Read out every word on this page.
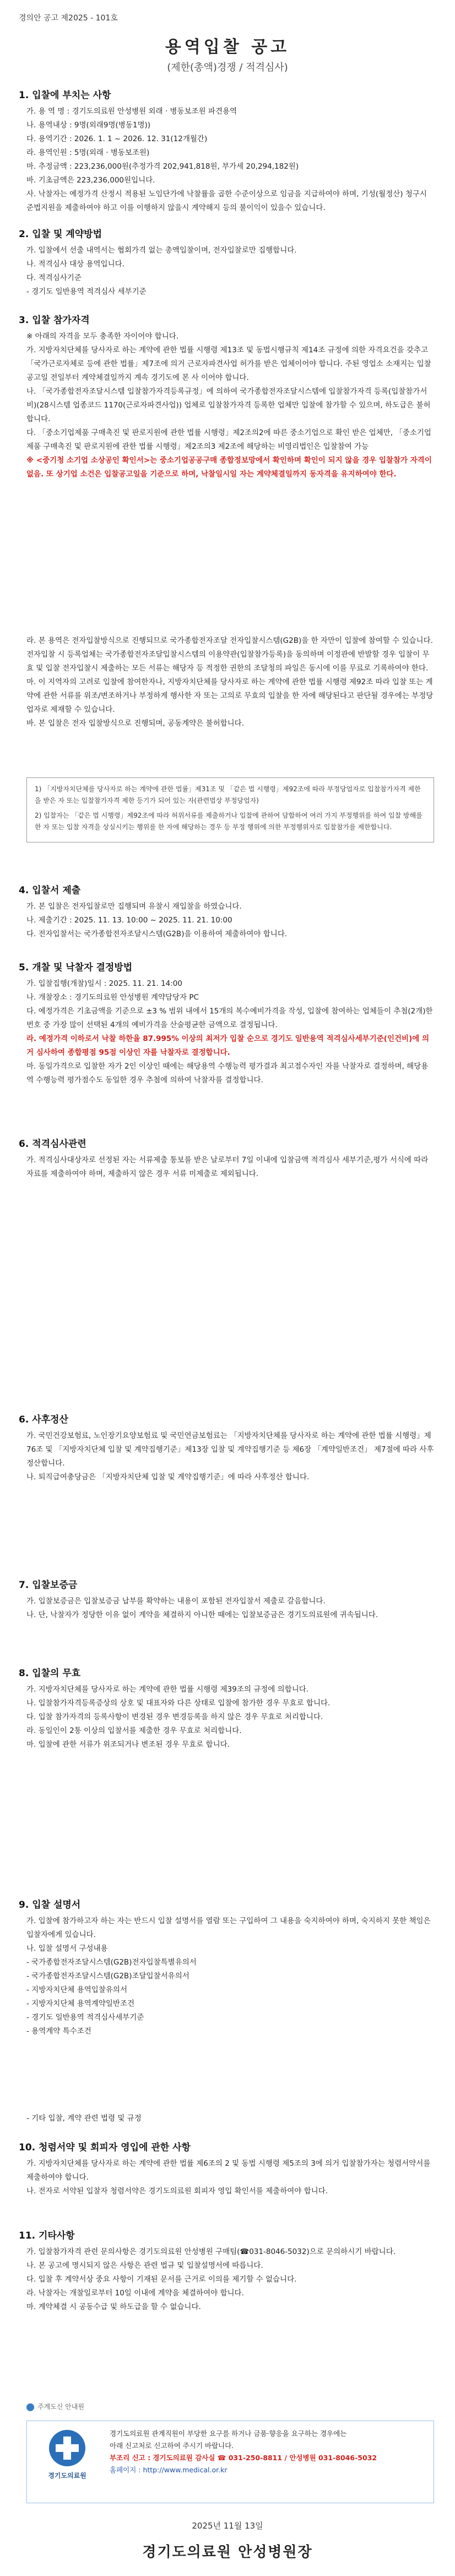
경의안 공고 제2025 - 101호
용역입찰 공고
(제한(총액)경쟁 / 적격심사)
1. 입찰에 부치는 사항

가. 용 역 명 : 경기도의료원 안성병원 외래 · 병동보조원 파견용역

나. 용역내상 : 9명(외래9명(병동1명))

다. 용역기간 : 2026. 1. 1 ~ 2026. 12. 31(12개월간)

라. 용역인원 : 5명(외래 · 병동보조원)

마. 추정금액 : 223,236,000원(추정가격 202,941,818원, 부가세 20,294,182원)

바. 기초금액은 223,236,000원입니다.

사. 낙찰자는 예정가격 산정시 적용된 노임단가에 낙찰률을 곱한 수준이상으로 임금을 지급하여야 하며, 기성(월정산) 청구시 준법지원을 제출하여야 하고 이를 이행하지 않을시 계약해지 등의 불이익이 있을수 있습니다.

2. 입찰 및 계약방법

가. 입찰에서 선출 내역서는 협회가격 없는 총액입찰이며, 전자입찰로만 집행합니다.

나. 적격심사 대상 용역입니다.

다. 적격심사기준

- 경기도 일반용역 적격심사 세부기준

3. 입찰 참가자격

※ 아래의 자격을 모두 충족한 자이어야 합니다.

가. 지방자치단체를 당사자로 하는 계약에 관한 법률 시행령 제13조 및 동법시행규칙 제14조 규정에 의한 자격요건을 갖추고 「국가근로자체로 등에 관한 법률」제7조에 의거 근로자파견사업 허가를 받은 업체이어야 합니다. 주된 영업소 소재지는 입찰공고일 전일부터 계약체결일까지 계속 경기도에 본 사 이어야 합니다.

나. 「국가종합전자조달시스템 입찰참가자격등록규정」에 의하여 국가종합전자조달시스템에 입찰참가자격 등록(입찰참가서비)(28시스템 업종코드 1170(근로자파견사업)) 업체로 입찰참가자격 등록한 업체만 입찰에 참가할 수 있으며, 하도급은 불허합니다.

다. 「중소기업제품 구매촉진 및 판로지원에 관한 법률 시행령」제2조의2에 따른 중소기업으로 확인 받은 업체만, 「중소기업제품 구매촉진 및 판로지원에 관한 법률 시행령」제2조의3 제2조에 해당하는 비영리법인은 입찰참여 가능

※ <중기청 소기업 소상공인 확인서>는 중소기업공공구매 종합정보망에서 확인하며 확인이 되지 않을 경우 입찰참가 자격이 없음. 또 상기업 소건은 입찰공고일을 기준으로 하며, 낙찰일시일 자는 계약체결일까지 동자격을 유지하여야 한다.

라. 본 용역은 전자입찰방식으로 진행되므로 국가종합전자조달 전자입찰시스템(G2B)을 한 자만이 입찰에 참여할 수 있습니다. 전자입찰 시 등록업체는 국가종합전자조달입찰시스템의 이용약관(입찰참가등록)을 동의하며 이정관에 반발할 경우 입찰이 무효 및 입찰 전자입찰시 제출하는 모든 서류는 해당자 등 적정한 권한의 조달청의 파일은 동시에 이를 무료로 기록하여야 한다.

마. 이 지역자의 고려로 입찰에 참여한자나, 지방자치단체를 당사자로 하는 계약에 관한 법률 시행령 제92조 따라 입찰 또는 계약에 관한 서류를 위조/변조하거나 부정하게 행사한 자 또는 고의로 무효의 입찰을 한 자에 해당된다고 판단될 경우에는 부정당업자로 제재할 수 있습니다.

바. 본 입찰은 전자 입찰방식으로 진행되며, 공동계약은 불허합니다.

1) 「지방자치단체를 당사자로 하는 계약에 관한 법률」제31조 및 「같은 법 시행령」제92조에 따라 부정당업자로 입찰참가자격 제한을 받은 자 또는 입찰참가자격 제한 등기가 되어 있는 자(관련법상 부정당업자)

2) 입찰자는 「같은 법 시행령」제92조에 따라 허위서류를 제출하거나 입찰에 관하여 담합하여 여러 가지 부정행위를 하여 입찰 방해를 한 자 또는 입찰 자격을 상실시키는 행위를 한 자에 해당하는 경우 등 부정 행위에 의한 부정행위자로 입찰참가를 제한합니다.

4. 입찰서 제출

가. 본 입찰은 전자입찰로만 집행되며 유찰시 재입찰을 하였습니다.

나. 제출기간 : 2025. 11. 13. 10:00 ~ 2025. 11. 21. 10:00

다. 전자입찰서는 국가종합전자조달시스템(G2B)을 이용하여 제출하여야 합니다.

5. 개찰 및 낙찰자 결정방법

가. 입찰집행(개찰)일시 : 2025. 11. 21. 14:00

나. 개찰장소 : 경기도의료원 안성병원 계약담당자 PC

다. 예정가격은 기초금액을 기준으로 ±3 % 범위 내에서 15개의 복수예비가격을 작성, 입찰에 참여하는 업체들이 추첨(2개)한 번호 중 가장 많이 선택된 4개의 예비가격을 산술평균한 금액으로 결정됩니다.

라. 예정가격 이하로서 낙찰 하한율 87.995% 이상의 최저가 입찰 순으로 경기도 일반용역 적격심사세부기준(인건비)에 의거 심사하여 종합평점 95점 이상인 자를 낙찰자로 결정합니다.

마. 동일가격으로 입찰한 자가 2인 이상인 때에는 해당용역 수행능력 평가결과 최고점수자인 자를 낙찰자로 결정하며, 해당용역 수행능력 평가점수도 동일한 경우 추첨에 의하여 낙찰자를 결정합니다.

6. 적격심사관련

가. 적격심사대상자로 선정된 자는 서류제출 통보를 받은 날로부터 7일 이내에 입찰금액 적격심사 세부기준,평가 서식에 따라 자료를 제출하여야 하며, 제출하지 않은 경우 서류 미제출로 제외됩니다.

6. 사후정산

가. 국민건강보험료, 노인장기요양보험료 및 국민연금보험료는 「지방자치단체를 당사자로 하는 계약에 관한 법률 시행령」제76조 및 「지방자치단체 입찰 및 계약집행기준」제13장 입찰 및 계약집행기준 등 제6장 「계약일반조건」 제7절에 따라 사후 정산합니다.

나. 퇴직급여충당금은 「지방자치단체 입찰 및 계약집행기준」에 따라 사후정산 합니다.

7. 입찰보증금

가. 입찰보증금은 입찰보증금 납부를 확약하는 내용이 포함된 전자입찰서 제출로 갈음합니다.

나. 단, 낙찰자가 정당한 이유 없이 계약을 체결하지 아니한 때에는 입찰보증금은 경기도의료원에 귀속됩니다.

8. 입찰의 무효

가. 지방자치단체를 당사자로 하는 계약에 관한 법률 시행령 제39조의 규정에 의합니다.

나. 입찰참가자격등록증상의 상호 및 대표자와 다른 상태로 입찰에 참가한 경우 무효로 합니다.

다. 입찰 참가자격의 등록사항이 변경된 경우 변경등록을 하지 않은 경우 무효로 처리합니다.

라. 동일인이 2통 이상의 입찰서를 제출한 경우 무효로 처리합니다.

마. 입찰에 관한 서류가 위조되거나 변조된 경우 무효로 합니다.

9. 입찰 설명서

가. 입찰에 참가하고자 하는 자는 반드시 입찰 설명서를 열람 또는 구입하여 그 내용을 숙지하여야 하며, 숙지하지 못한 책임은 입찰자에게 있습니다.

나. 입찰 설명서 구성내용

- 국가종합전자조달시스템(G2B)전자입찰특별유의서

- 국가종합전자조달시스템(G2B)조달입찰서유의서

- 지방자치단체 용역입찰유의서

- 지방자치단체 용역계약일반조건

- 경기도 일반용역 적격심사세부기준

- 용역계약 특수조건

- 기타 입찰, 계약 관련 법령 및 규정

10. 청렴서약 및 회피자 영입에 관한 사항

가. 지방자치단체를 당사자로 하는 계약에 관한 법률 제6조의 2 및 동법 시행령 제5조의 3에 의거 입찰참가자는 청렴서약서를 제출하여야 합니다.

나. 전자로 서약된 입찰자 청렴서약은 경기도의료원 회피자 영입 확인서를 제출하여야 합니다.

11. 기타사항

가. 입찰참가자격 관련 문의사항은 경기도의료원 안성병원 구매팀(☎031-8046-5032)으로 문의하시기 바랍니다.

나. 본 공고에 명시되지 않은 사항은 관련 법규 및 입찰설명서에 따릅니다.

다. 입찰 후 계약서상 중요 사항이 기재된 문서를 근거로 이의를 제기할 수 없습니다.

라. 낙찰자는 개찰일로부터 10일 이내에 계약을 체결하여야 합니다.

마. 계약체결 시 공동수급 및 하도급을 할 수 없습니다.

주계도신 안내원
경기도의료원
경기도의료원 관계직원이 부당한 요구를 하거나 금품·향응을 요구하는 경우에는
아래 신고처로 신고하여 주시기 바랍니다.
부조리 신고 : 경기도의료원 감사실 ☎ 031-250-8811 / 안성병원 031-8046-5032
홈페이지 : http://www.medical.or.kr
2025년 11월 13일
경기도의료원 안성병원장
